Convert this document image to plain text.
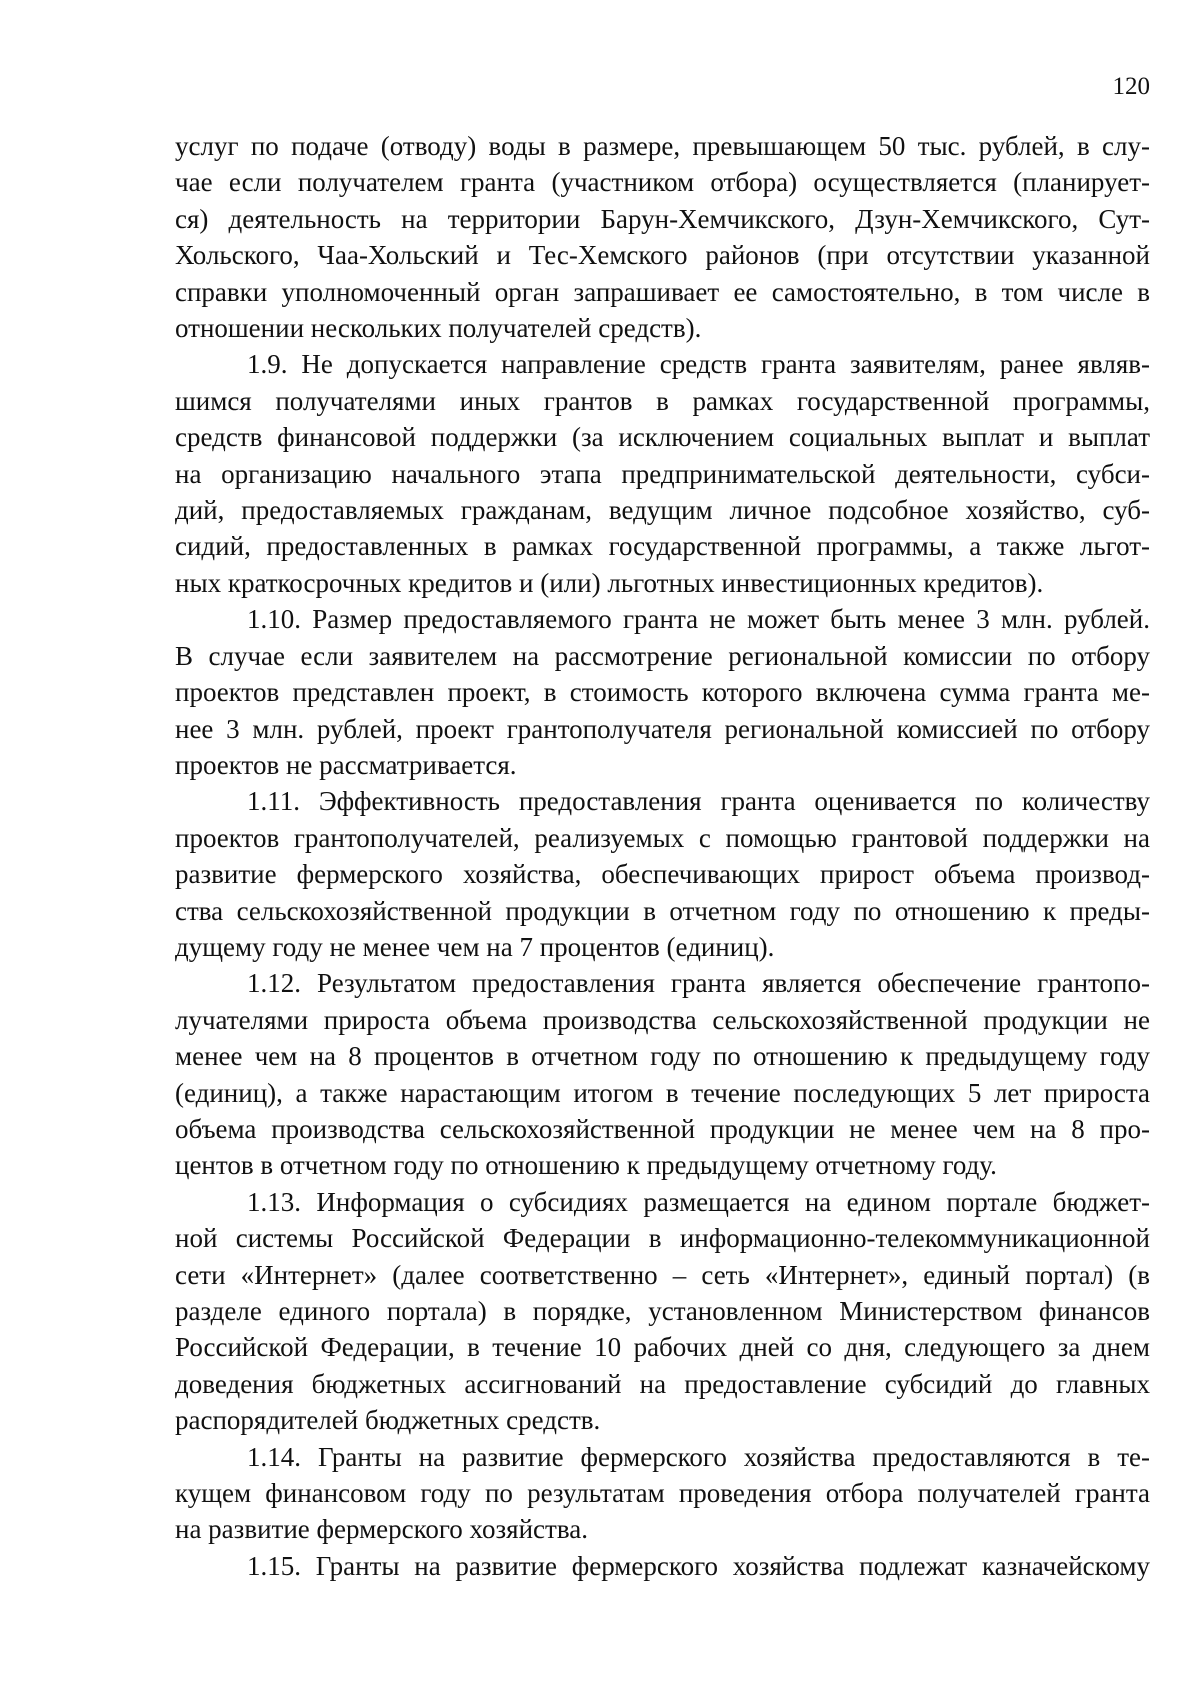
120
услуг по подаче (отводу) воды в размере, превышающем 50 тыс. рублей, в слу-
чае если получателем гранта (участником отбора) осуществляется (планирует-
ся) деятельность на территории Барун-Хемчикского, Дзун-Хемчикского, Сут-
Хольского, Чаа-Хольский и Тес-Хемского районов (при отсутствии указанной
справки уполномоченный орган запрашивает ее самостоятельно, в том числе в
отношении нескольких получателей средств).
1.9. Не допускается направление средств гранта заявителям, ранее являв-
шимся получателями иных грантов в рамках государственной программы,
средств финансовой поддержки (за исключением социальных выплат и выплат
на организацию начального этапа предпринимательской деятельности, субси-
дий, предоставляемых гражданам, ведущим личное подсобное хозяйство, суб-
сидий, предоставленных в рамках государственной программы, а также льгот-
ных краткосрочных кредитов и (или) льготных инвестиционных кредитов).
1.10. Размер предоставляемого гранта не может быть менее 3 млн. рублей.
В случае если заявителем на рассмотрение региональной комиссии по отбору
проектов представлен проект, в стоимость которого включена сумма гранта ме-
нее 3 млн. рублей, проект грантополучателя региональной комиссией по отбору
проектов не рассматривается.
1.11. Эффективность предоставления гранта оценивается по количеству
проектов грантополучателей, реализуемых с помощью грантовой поддержки на
развитие фермерского хозяйства, обеспечивающих прирост объема производ-
ства сельскохозяйственной продукции в отчетном году по отношению к преды-
дущему году не менее чем на 7 процентов (единиц).
1.12. Результатом предоставления гранта является обеспечение грантопо-
лучателями прироста объема производства сельскохозяйственной продукции не
менее чем на 8 процентов в отчетном году по отношению к предыдущему году
(единиц), а также нарастающим итогом в течение последующих 5 лет прироста
объема производства сельскохозяйственной продукции не менее чем на 8 про-
центов в отчетном году по отношению к предыдущему отчетному году.
1.13. Информация о субсидиях размещается на едином портале бюджет-
ной системы Российской Федерации в информационно-телекоммуникационной
сети «Интернет» (далее соответственно – сеть «Интернет», единый портал) (в
разделе единого портала) в порядке, установленном Министерством финансов
Российской Федерации, в течение 10 рабочих дней со дня, следующего за днем
доведения бюджетных ассигнований на предоставление субсидий до главных
распорядителей бюджетных средств.
1.14. Гранты на развитие фермерского хозяйства предоставляются в те-
кущем финансовом году по результатам проведения отбора получателей гранта
на развитие фермерского хозяйства.
1.15. Гранты на развитие фермерского хозяйства подлежат казначейскому
